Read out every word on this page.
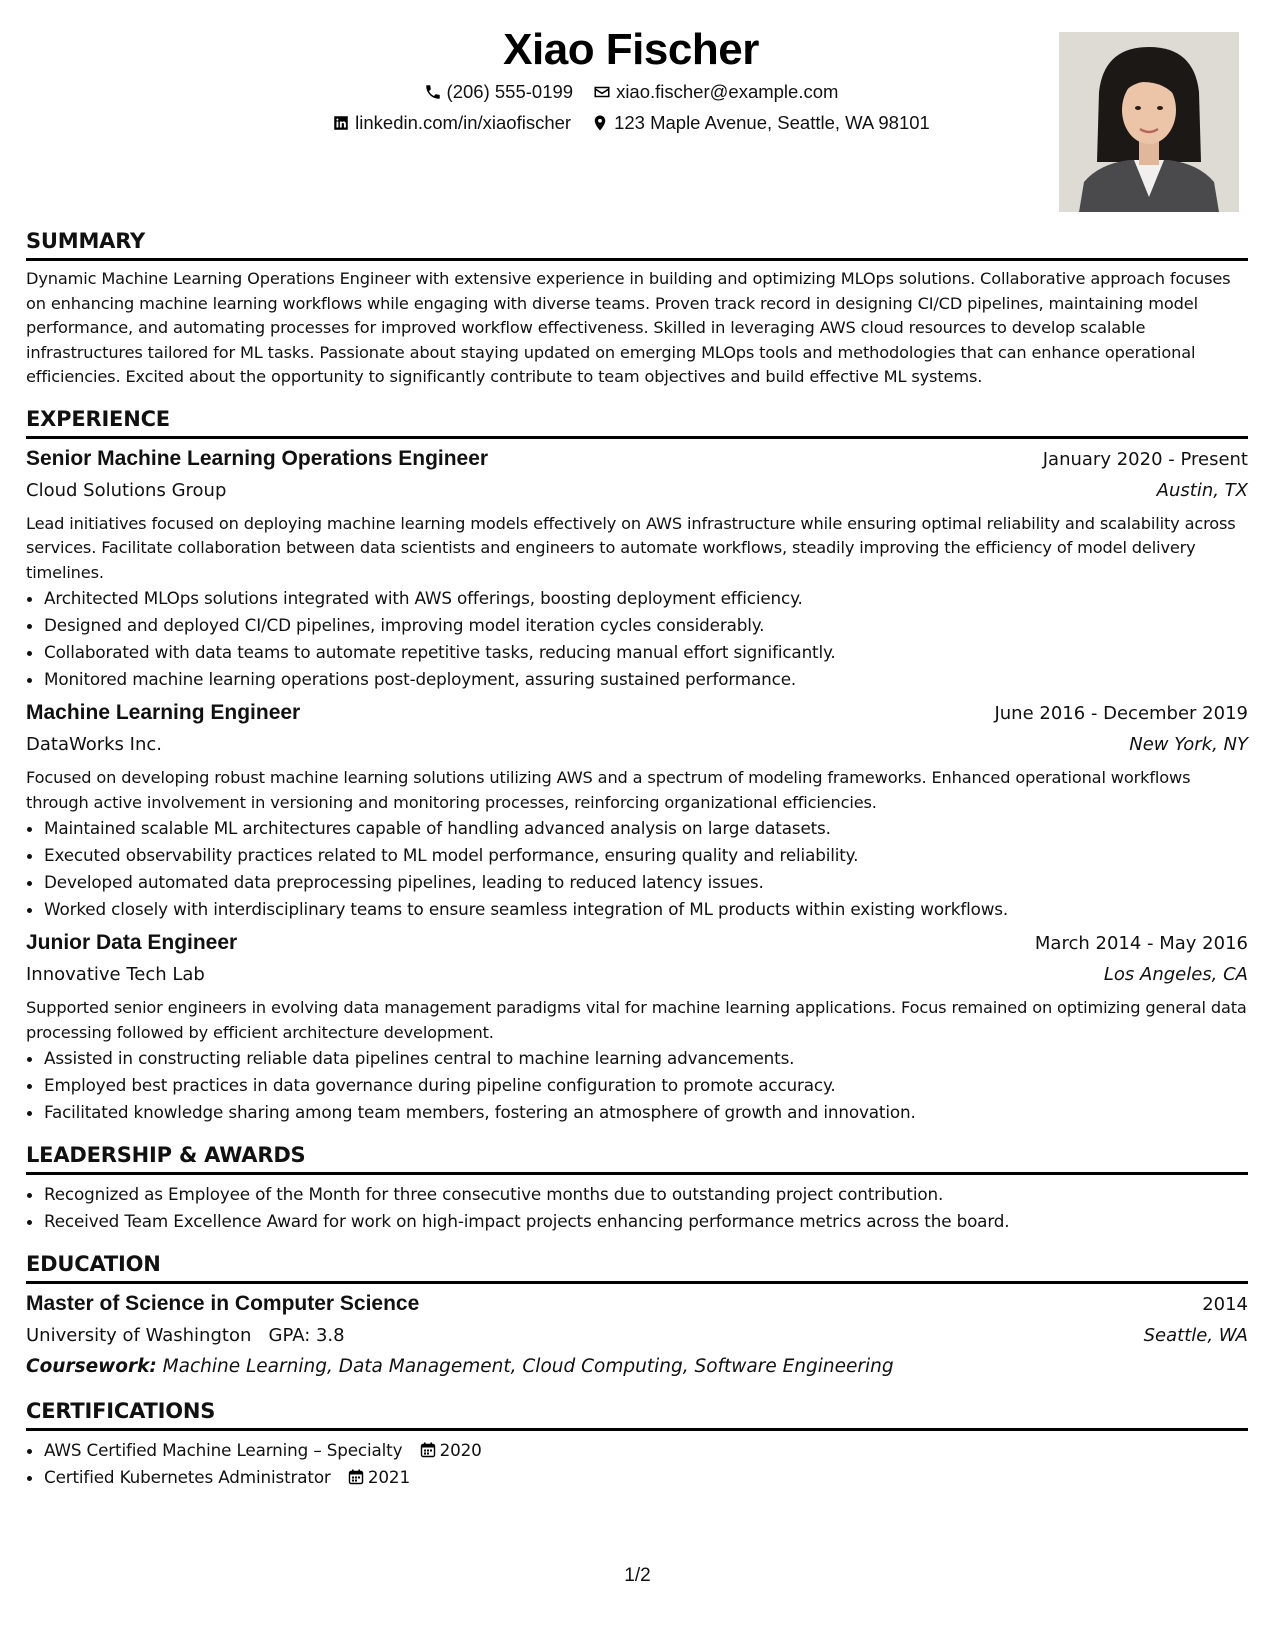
Xiao Fischer
(206) 555-0199 xiao.fischer@example.com
linkedin.com/in/xiaofischer 123 Maple Avenue, Seattle, WA 98101
SUMMARY
Dynamic Machine Learning Operations Engineer with extensive experience in building and optimizing MLOps solutions. Collaborative approach focuses on enhancing machine learning workflows while engaging with diverse teams. Proven track record in designing CI/CD pipelines, maintaining model performance, and automating processes for improved workflow effectiveness. Skilled in leveraging AWS cloud resources to develop scalable infrastructures tailored for ML tasks. Passionate about staying updated on emerging MLOps tools and methodologies that can enhance operational efficiencies. Excited about the opportunity to significantly contribute to team objectives and build effective ML systems.
EXPERIENCE
Senior Machine Learning Operations Engineer	January 2020 - Present
Cloud Solutions Group	Austin, TX
Lead initiatives focused on deploying machine learning models effectively on AWS infrastructure while ensuring optimal reliability and scalability across services. Facilitate collaboration between data scientists and engineers to automate workflows, steadily improving the efficiency of model delivery timelines.
• Architected MLOps solutions integrated with AWS offerings, boosting deployment efficiency.
• Designed and deployed CI/CD pipelines, improving model iteration cycles considerably.
• Collaborated with data teams to automate repetitive tasks, reducing manual effort significantly.
• Monitored machine learning operations post-deployment, assuring sustained performance.
Machine Learning Engineer	June 2016 - December 2019
DataWorks Inc.	New York, NY
Focused on developing robust machine learning solutions utilizing AWS and a spectrum of modeling frameworks. Enhanced operational workflows through active involvement in versioning and monitoring processes, reinforcing organizational efficiencies.
• Maintained scalable ML architectures capable of handling advanced analysis on large datasets.
• Executed observability practices related to ML model performance, ensuring quality and reliability.
• Developed automated data preprocessing pipelines, leading to reduced latency issues.
• Worked closely with interdisciplinary teams to ensure seamless integration of ML products within existing workflows.
Junior Data Engineer	March 2014 - May 2016
Innovative Tech Lab	Los Angeles, CA
Supported senior engineers in evolving data management paradigms vital for machine learning applications. Focus remained on optimizing general data processing followed by efficient architecture development.
• Assisted in constructing reliable data pipelines central to machine learning advancements.
• Employed best practices in data governance during pipeline configuration to promote accuracy.
• Facilitated knowledge sharing among team members, fostering an atmosphere of growth and innovation.
LEADERSHIP & AWARDS
• Recognized as Employee of the Month for three consecutive months due to outstanding project contribution.
• Received Team Excellence Award for work on high-impact projects enhancing performance metrics across the board.
EDUCATION
Master of Science in Computer Science	2014
University of Washington GPA: 3.8	Seattle, WA
Coursework: Machine Learning, Data Management, Cloud Computing, Software Engineering
CERTIFICATIONS
• AWS Certified Machine Learning – Specialty 2020
• Certified Kubernetes Administrator 2021
1/2
